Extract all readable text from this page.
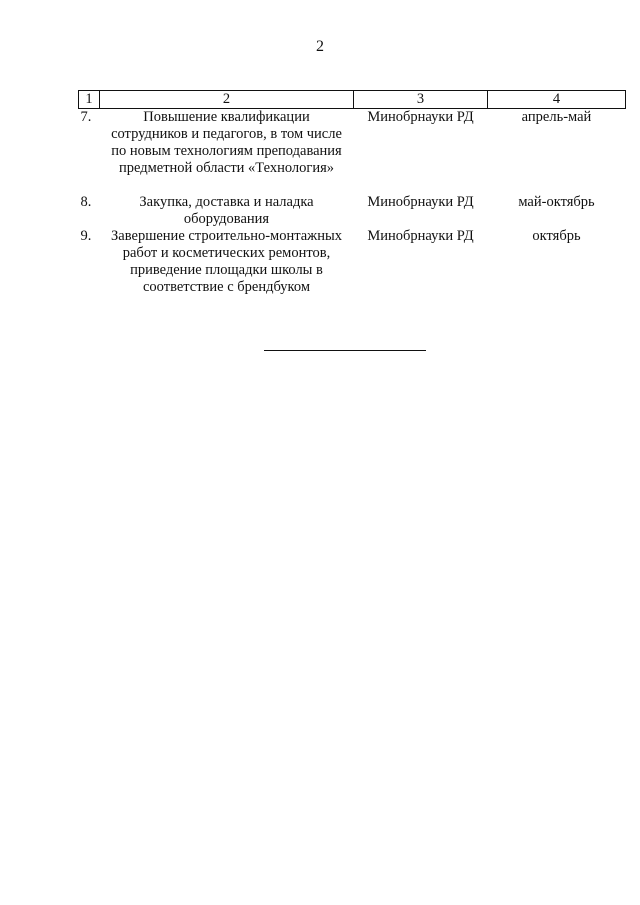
2
1	2	3	4
7.	Повышение квалификации сотрудников и педагогов, в том числе по новым технологиям преподавания предметной области «Технология»	Минобрнауки РД	апрель-май
8.	Закупка, доставка и наладка оборудования	Минобрнауки РД	май-октябрь
9.	Завершение строительно-монтажных работ и косметических ремонтов, приведение площадки школы в соответствие с брендбуком	Минобрнауки РД	октябрь
